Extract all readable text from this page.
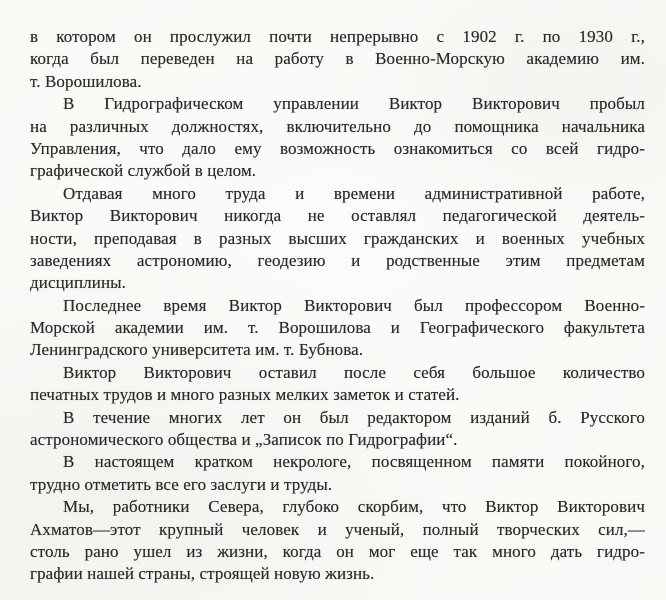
в котором он прослужил почти непрерывно с 1902 г. по 1930 г.,
когда был переведен на работу в Военно-Морскую академию им.
т. Ворошилова.
В Гидрографическом управлении Виктор Викторович пробыл
на различных должностях, включительно до помощника начальника
Управления, что дало ему возможность ознакомиться со всей гидро-
графической службой в целом.
Отдавая много труда и времени административной работе,
Виктор Викторович никогда не оставлял педагогической деятель-
ности, преподавая в разных высших гражданских и военных учебных
заведениях астрономию, геодезию и родственные этим предметам
дисциплины.
Последнее время Виктор Викторович был профессором Военно-
Морской академии им. т. Ворошилова и Географического факультета
Ленинградского университета им. т. Бубнова.
Виктор Викторович оставил после себя большое количество
печатных трудов и много разных мелких заметок и статей.
В течение многих лет он был редактором изданий б. Русского
астрономического общества и „Записок по Гидрографии“.
В настоящем кратком некрологе, посвященном памяти покойного,
трудно отметить все его заслуги и труды.
Мы, работники Севера, глубоко скорбим, что Виктор Викторович
Ахматов—этот крупный человек и ученый, полный творческих сил,—
столь рано ушел из жизни, когда он мог еще так много дать гидро-
графии нашей страны, строящей новую жизнь.
